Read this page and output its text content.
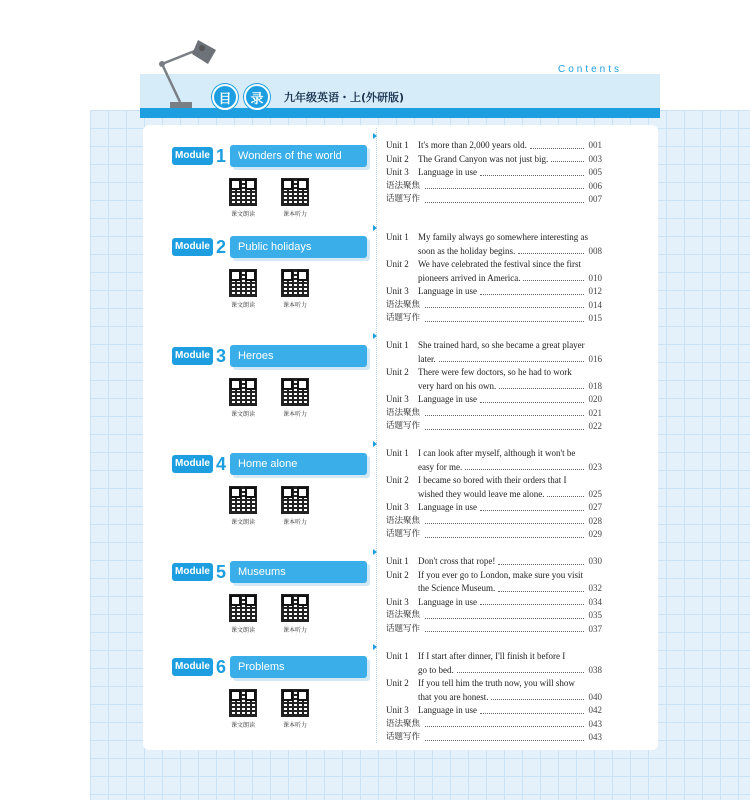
Contents
目	录	九年级英语・上(外研版)
Module 1	Wonders of the world
课文朗读	课本听力
Unit 1	It's more than 2,000 years old.	001
Unit 2	The Grand Canyon was not just big.	003
Unit 3	Language in use	005
语法聚焦	006
话题写作	007
Module 2	Public holidays
课文朗读	课本听力
Unit 1	My family always go somewhere interesting as
soon as the holiday begins.	008
Unit 2	We have celebrated the festival since the first
pioneers arrived in America.	010
Unit 3	Language in use	012
语法聚焦	014
话题写作	015
Module 3	Heroes
课文朗读	课本听力
Unit 1	She trained hard, so she became a great player
later.	016
Unit 2	There were few doctors, so he had to work
very hard on his own.	018
Unit 3	Language in use	020
语法聚焦	021
话题写作	022
Module 4	Home alone
课文朗读	课本听力
Unit 1	I can look after myself, although it won't be
easy for me.	023
Unit 2	I became so bored with their orders that I
wished they would leave me alone.	025
Unit 3	Language in use	027
语法聚焦	028
话题写作	029
Module 5	Museums
课文朗读	课本听力
Unit 1	Don't cross that rope!	030
Unit 2	If you ever go to London, make sure you visit
the Science Museum.	032
Unit 3	Language in use	034
语法聚焦	035
话题写作	037
Module 6	Problems
课文朗读	课本听力
Unit 1	If I start after dinner, I'll finish it before I
go to bed.	038
Unit 2	If you tell him the truth now, you will show
that you are honest.	040
Unit 3	Language in use	042
语法聚焦	043
话题写作	043
